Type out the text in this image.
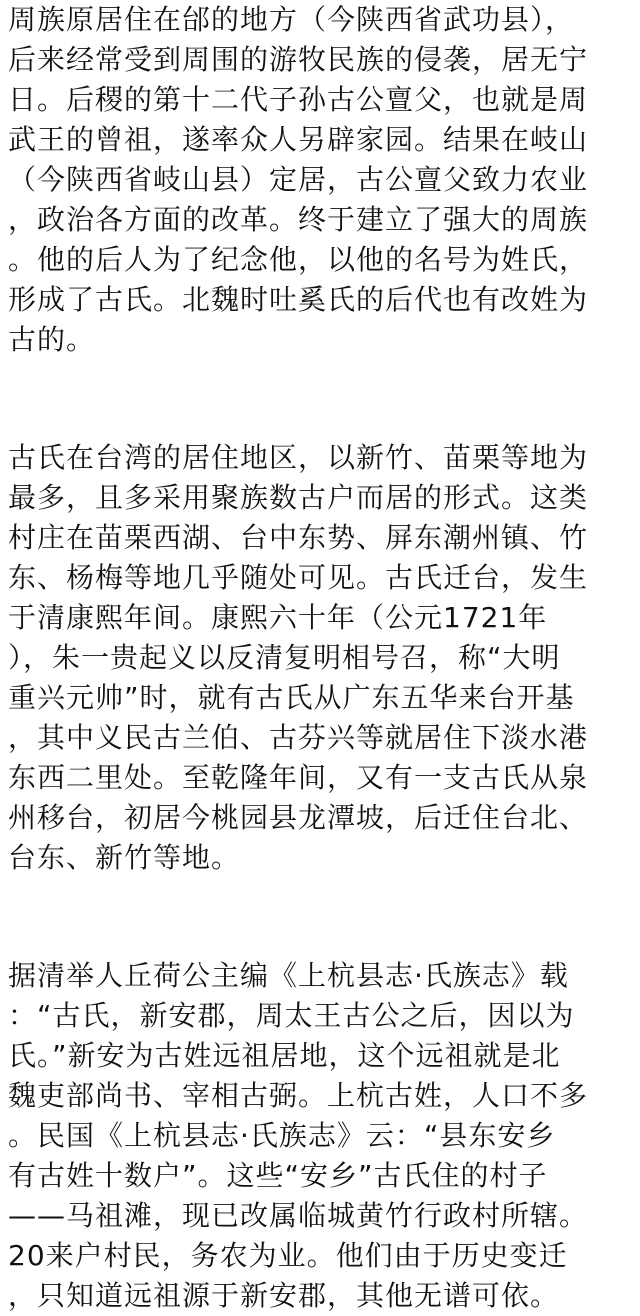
周族原居住在邰的地方（今陕西省武功县），
后来经常受到周围的游牧民族的侵袭，居无宁
日。后稷的第十二代子孙古公亶父，也就是周
武王的曾祖，遂率众人另辟家园。结果在岐山
（今陕西省岐山县）定居，古公亶父致力农业
，政治各方面的改革。终于建立了强大的周族
。他的后人为了纪念他，以他的名号为姓氏，
形成了古氏。北魏时吐奚氏的后代也有改姓为
古的。
古氏在台湾的居住地区，以新竹、苗栗等地为
最多，且多采用聚族数古户而居的形式。这类
村庄在苗栗西湖、台中东势、屏东潮州镇、竹
东、杨梅等地几乎随处可见。古氏迁台，发生
于清康熙年间。康熙六十年（公元1721年
），朱一贵起义以反清复明相号召，称“大明
重兴元帅”时，就有古氏从广东五华来台开基
，其中义民古兰伯、古芬兴等就居住下淡水港
东西二里处。至乾隆年间，又有一支古氏从泉
州移台，初居今桃园县龙潭坡，后迁住台北、
台东、新竹等地。
据清举人丘荷公主编《上杭县志·氏族志》载
：“古氏，新安郡，周太王古公之后，因以为
氏。”新安为古姓远祖居地，这个远祖就是北
魏吏部尚书、宰相古弼。上杭古姓，人口不多
。民国《上杭县志·氏族志》云：“县东安乡
有古姓十数户”。这些“安乡”古氏住的村子
——马祖滩，现已改属临城黄竹行政村所辖。
20来户村民，务农为业。他们由于历史变迁
，只知道远祖源于新安郡，其他无谱可依。
